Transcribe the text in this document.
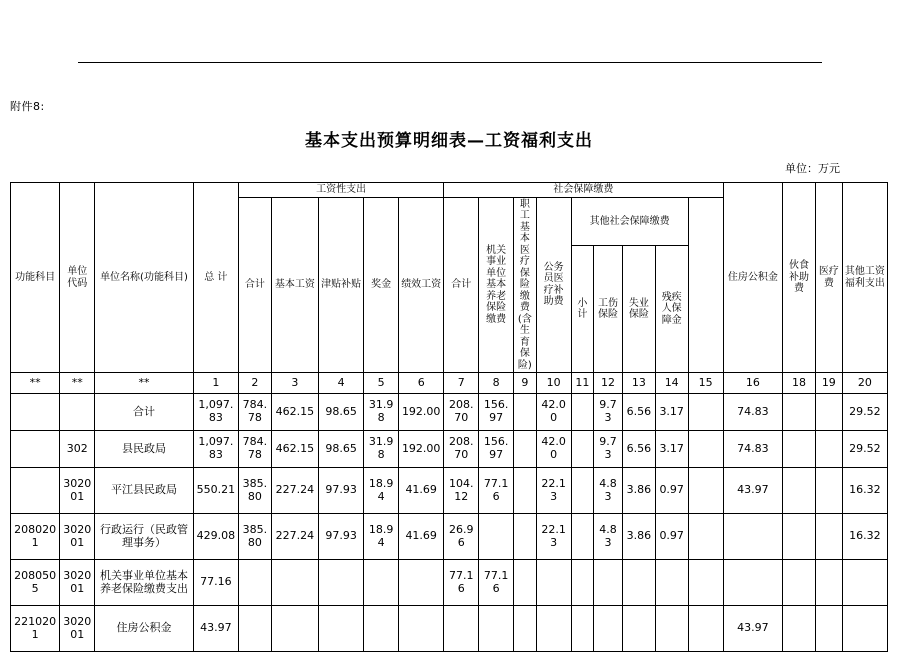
附件8:
基本支出预算明细表—工资福利支出
单位：万元
功能科目	单位代码	单位名称(功能科目)	总 计	工资性支出					社会保障缴费									住房公积金	伙食补助费	医疗费	其他工资福利支出
				合计	基本工资	津贴补贴	奖金	绩效工资	合计	机关事业单位基本养老保险缴费	职工基本医疗保险缴费(含生育保险)	公务员医疗补助费	其他社会保障缴费								
													小 计	工伤保险	失业保险	残疾人保障金					
**	**	**	1	2	3	4	5	6	7	8	9	10	11	12	13	14	15	16	18	19	20
		合计	1,097.83	784.78	462.15	98.65	31.98	192.00	208.70	156.97		42.00		9.73	6.56	3.17		74.83			29.52
	302	县民政局	1,097.83	784.78	462.15	98.65	31.98	192.00	208.70	156.97		42.00		9.73	6.56	3.17		74.83			29.52
	302001	平江县民政局	550.21	385.80	227.24	97.93	18.94	41.69	104.12	77.16		22.13		4.83	3.86	0.97		43.97			16.32
2080201	302001	行政运行（民政管理事务）	429.08	385.80	227.24	97.93	18.94	41.69	26.96			22.13		4.83	3.86	0.97					16.32
2080505	302001	机关事业单位基本养老保险缴费支出	77.16						77.16	77.16											
2210201	302001	住房公积金	43.97															43.97			
